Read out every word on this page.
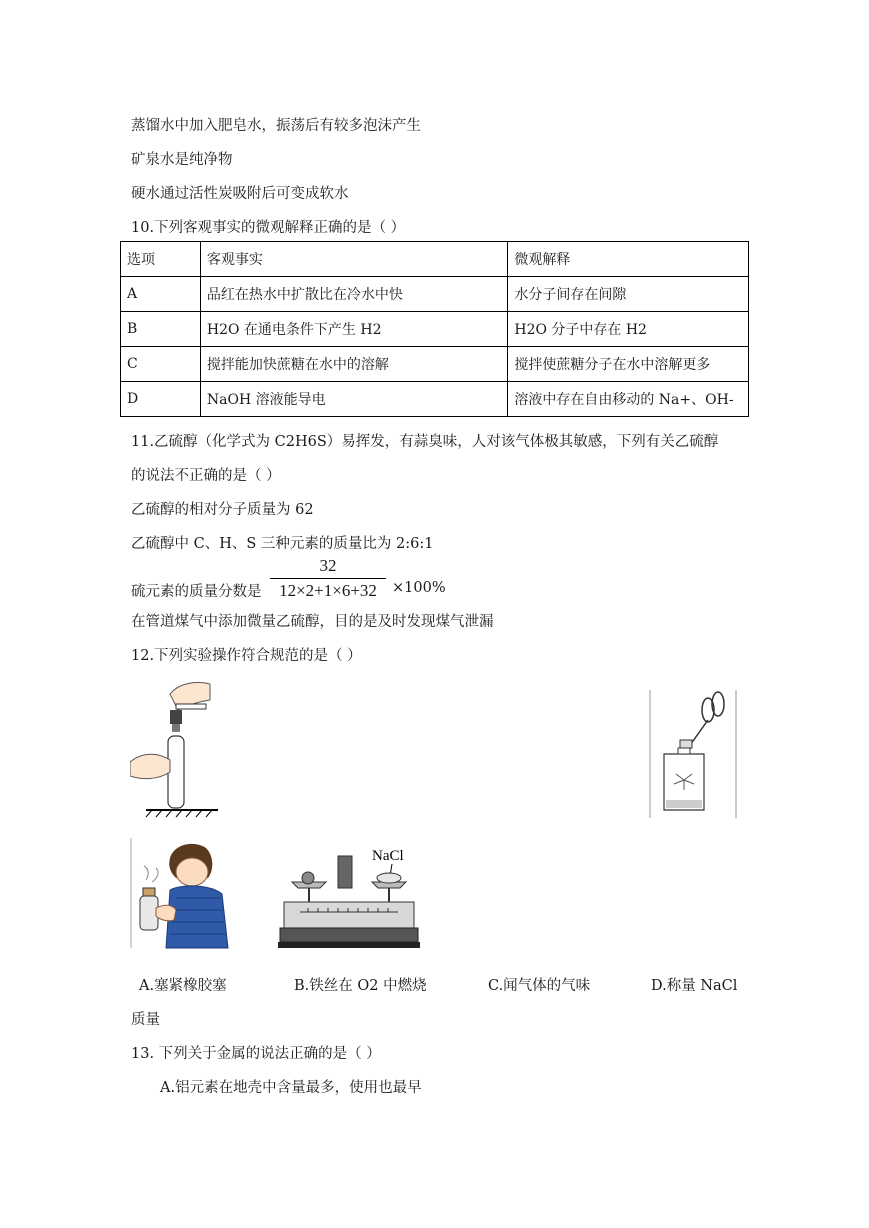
蒸馏水中加入肥皂水，振荡后有较多泡沫产生
矿泉水是纯净物
硬水通过活性炭吸附后可变成软水
10.下列客观事实的微观解释正确的是（ ）
选项	客观事实	微观解释
A	品红在热水中扩散比在冷水中快	水分子间存在间隙
B	H2O 在通电条件下产生 H2	H2O 分子中存在 H2
C	搅拌能加快蔗糖在水中的溶解	搅拌使蔗糖分子在水中溶解更多
D	NaOH 溶液能导电	溶液中存在自由移动的 Na+、OH-
11.乙硫醇（化学式为 C2H6S）易挥发，有蒜臭味，人对该气体极其敏感，下列有关乙硫醇
的说法不正确的是（ ）
乙硫醇的相对分子质量为 62
乙硫醇中 C、H、S 三种元素的质量比为 2:6:1
硫元素的质量分数是 $\frac{32}{12\times 2+1\times 6+32} \times 100\%$
在管道煤气中添加微量乙硫醇，目的是及时发现煤气泄漏
12.下列实验操作符合规范的是（ ）
NaCl
A.塞紧橡胶塞	B.铁丝在 O2 中燃烧	C.闻气体的气味	D.称量 NaCl
质量
13. 下列关于金属的说法正确的是（ ）
A.铝元素在地壳中含量最多，使用也最早
